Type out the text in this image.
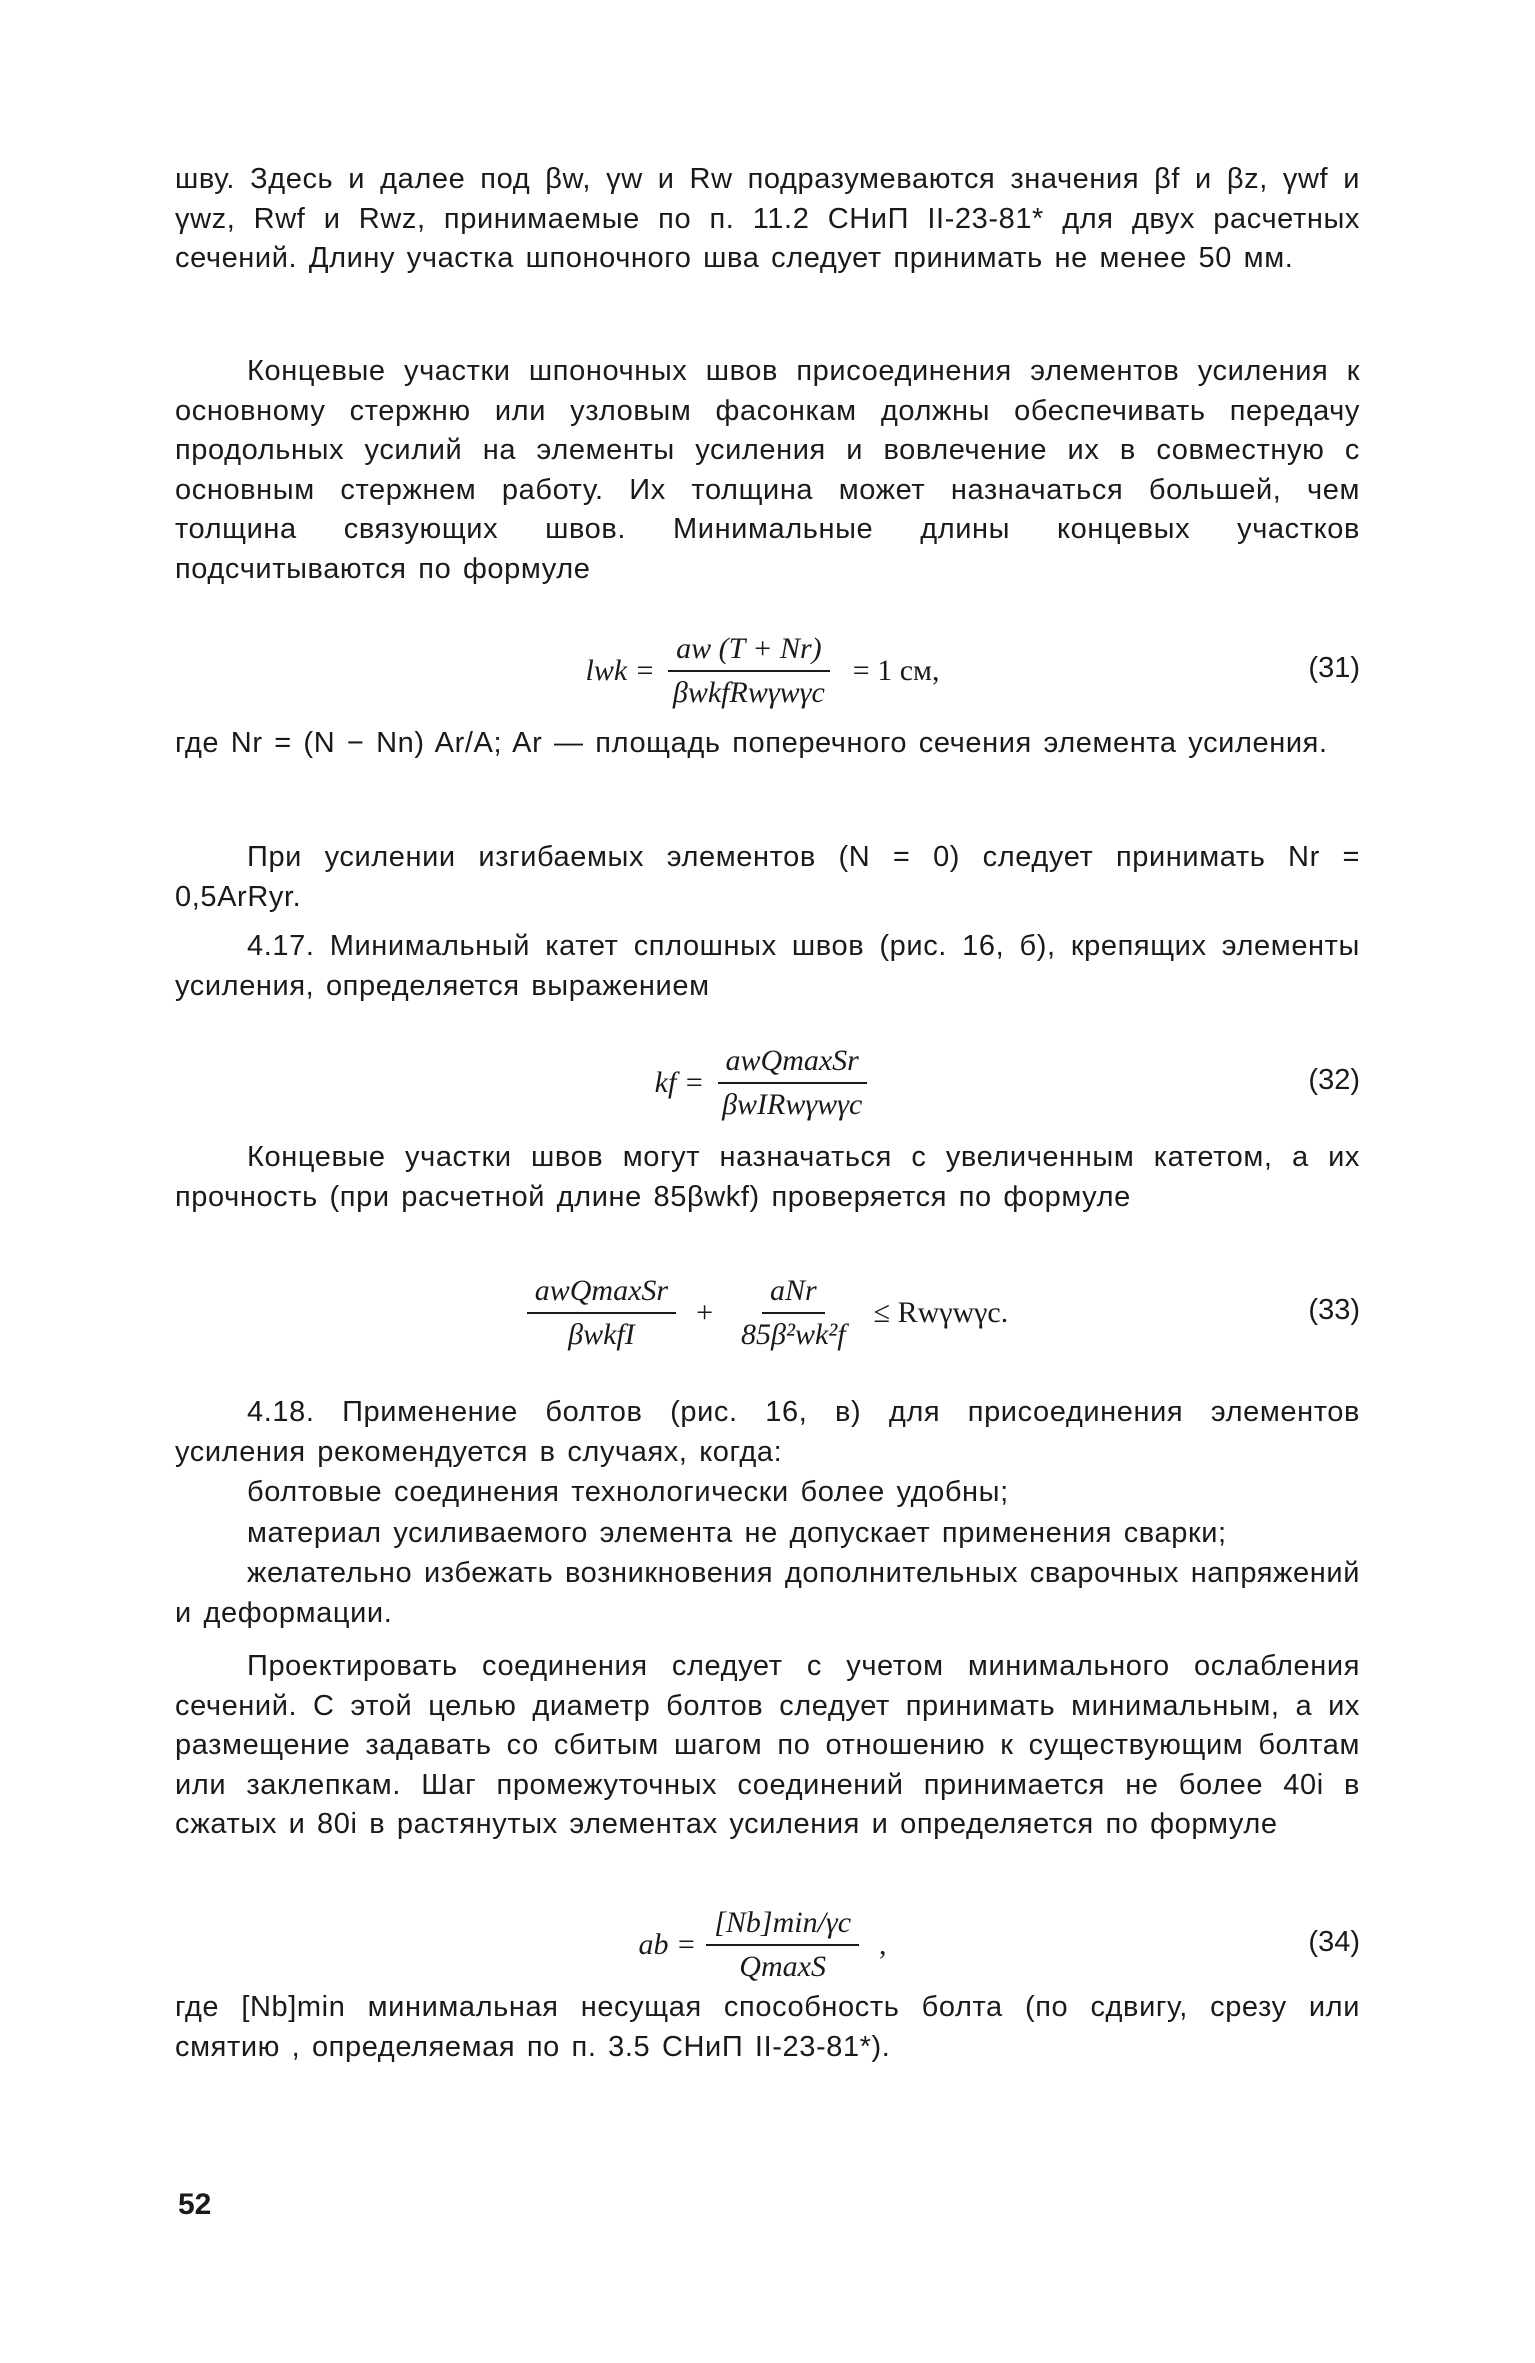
шву. Здесь и далее под βw, γw и Rw подразумеваются значения βf и βz, γwf и γwz, Rwf и Rwz, принимаемые по п. 11.2 СНиП II-23-81* для двух расчетных сечений. Длину участка шпоночного шва следует принимать не менее 50 мм.
Концевые участки шпоночных швов присоединения элементов усиления к основному стержню или узловым фасонкам должны обеспечивать передачу продольных усилий на элементы усиления и вовлечение их в совместную с основным стержнем работу. Их толщина может назначаться большей, чем толщина связующих швов. Минимальные длины концевых участков подсчитываются по формуле
lwk = $\frac{aw (T + Nr)}{\text{βwkfRwγwγc}} = 1$ см,	(31)
где Nr = (N − Nn) Ar/A; Ar — площадь поперечного сечения элемента усиления.
При усилении изгибаемых элементов (N = 0) следует принимать Nr = 0,5ArRyr.
4.17. Минимальный катет сплошных швов (рис. 16, б), крепящих элементы усиления, определяется выражением
kf = $\frac{\text{awQmaxSr}}{\text{βwIRwγwγc}}$	(32)
Концевые участки швов могут назначаться с увеличенным катетом, а их прочность (при расчетной длине 85βwkf) проверяется по формуле
$\frac{\text{awQmaxSr}}{\text{βwkfI}} + \frac{\text{aNr}}{\text{85β²wk²f}} \le Rw\gamma w\gamma c$.	(33)
4.18. Применение болтов (рис. 16, в) для присоединения элементов усиления рекомендуется в случаях, когда:
болтовые соединения технологически более удобны;
материал усиливаемого элемента не допускает применения сварки;
желательно избежать возникновения дополнительных сварочных напряжений и деформации.
Проектировать соединения следует с учетом минимального ослабления сечений. С этой целью диаметр болтов следует принимать минимальным, а их размещение задавать со сбитым шагом по отношению к существующим болтам или заклепкам. Шаг промежуточных соединений принимается не более 40i в сжатых и 80i в растянутых элементах усиления и определяется по формуле
ab = $\frac{[Nb]\min/\gamma c}{QmaxS}$ ,	(34)
где [Nb]min минимальная несущая способность болта (по сдвигу, срезу или смятию , определяемая по п. 3.5 СНиП II-23-81*).
52
